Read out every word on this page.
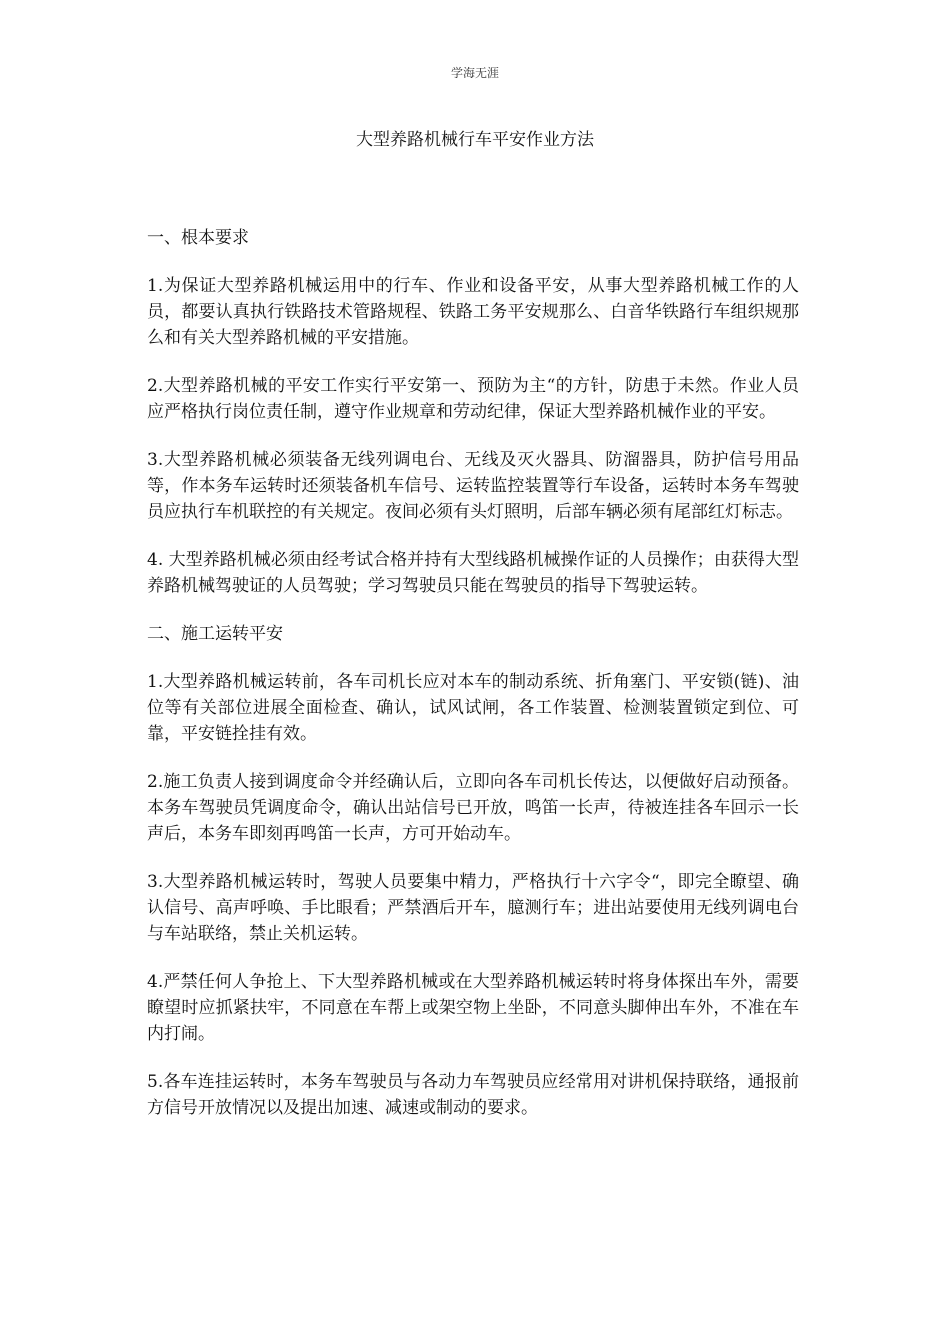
学海无涯
大型养路机械行车平安作业方法

一、根本要求

1.为保证大型养路机械运用中的行车、作业和设备平安，从事大型养路机械工作的人员，都要认真执行铁路技术管路规程、铁路工务平安规那么、白音华铁路行车组织规那么和有关大型养路机械的平安措施。

2.大型养路机械的平安工作实行平安第一、预防为主“的方针，防患于未然。作业人员应严格执行岗位责任制，遵守作业规章和劳动纪律，保证大型养路机械作业的平安。

3.大型养路机械必须装备无线列调电台、无线及灭火器具、防溜器具，防护信号用品等，作本务车运转时还须装备机车信号、运转监控装置等行车设备，运转时本务车驾驶员应执行车机联控的有关规定。夜间必须有头灯照明，后部车辆必须有尾部红灯标志。

4. 大型养路机械必须由经考试合格并持有大型线路机械操作证的人员操作；由获得大型养路机械驾驶证的人员驾驶；学习驾驶员只能在驾驶员的指导下驾驶运转。

二、施工运转平安

1.大型养路机械运转前，各车司机长应对本车的制动系统、折角塞门、平安锁(链)、油位等有关部位进展全面检查、确认，试风试闸，各工作装置、检测装置锁定到位、可靠，平安链拴挂有效。

2.施工负责人接到调度命令并经确认后，立即向各车司机长传达，以便做好启动预备。本务车驾驶员凭调度命令，确认出站信号已开放，鸣笛一长声，待被连挂各车回示一长声后，本务车即刻再鸣笛一长声，方可开始动车。

3.大型养路机械运转时，驾驶人员要集中精力，严格执行十六字令“，即完全瞭望、确认信号、高声呼唤、手比眼看；严禁酒后开车，臆测行车；进出站要使用无线列调电台与车站联络，禁止关机运转。

4.严禁任何人争抢上、下大型养路机械或在大型养路机械运转时将身体探出车外，需要瞭望时应抓紧扶牢，不同意在车帮上或架空物上坐卧，不同意头脚伸出车外，不准在车内打闹。

5.各车连挂运转时，本务车驾驶员与各动力车驾驶员应经常用对讲机保持联络，通报前方信号开放情况以及提出加速、减速或制动的要求。
